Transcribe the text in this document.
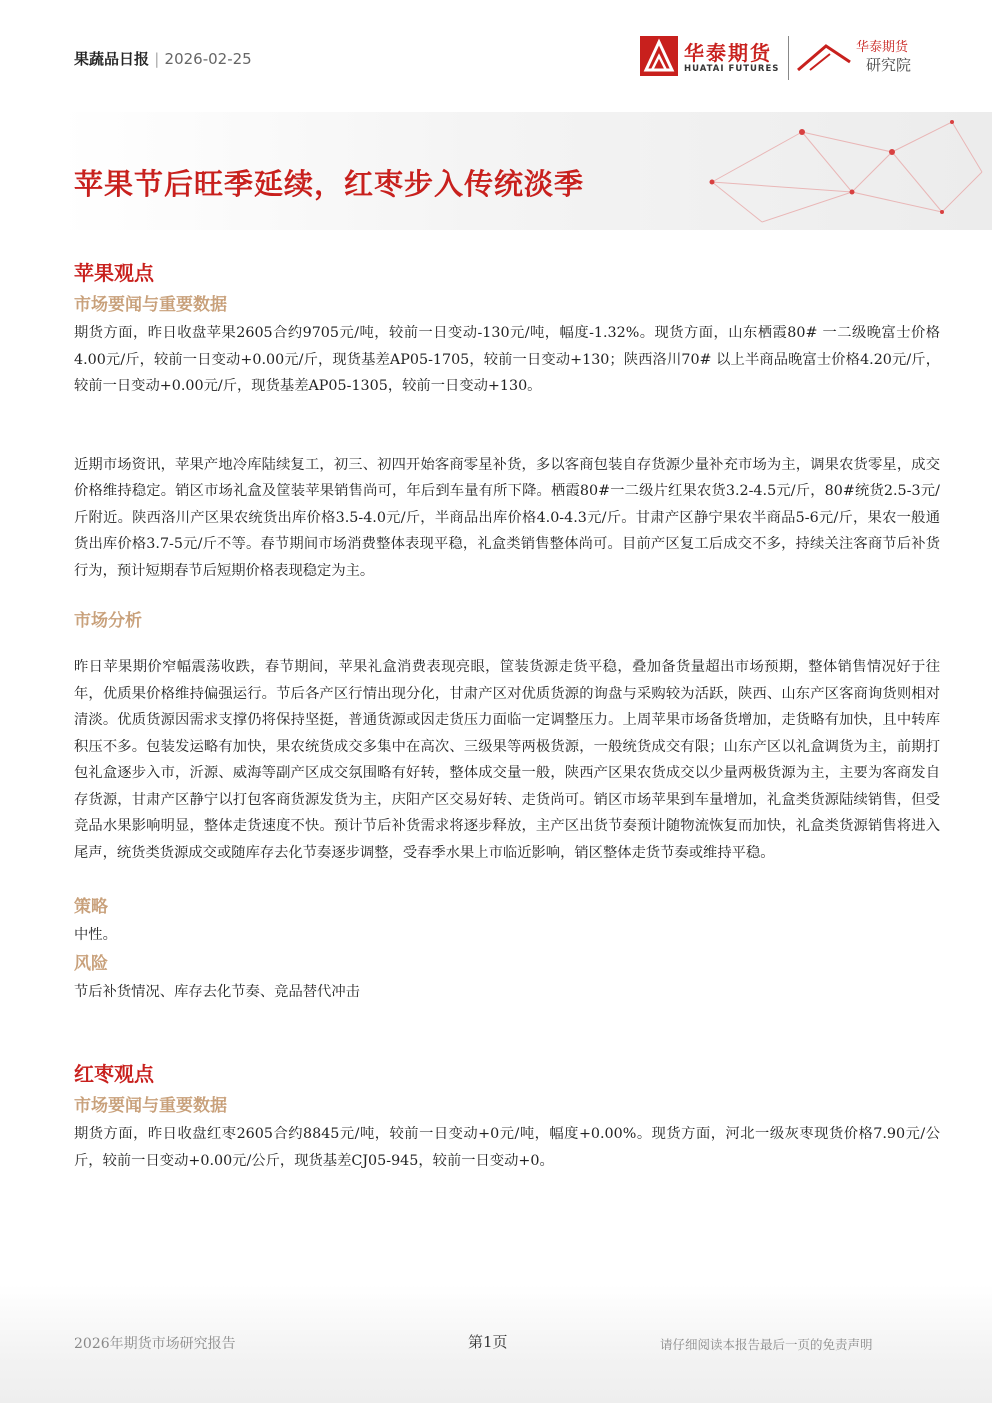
果蔬品日报 | 2026-02-25	华泰期货
HUATAI FUTURES
华泰期货
研究院
苹果节后旺季延续，红枣步入传统淡季
苹果观点
市场要闻与重要数据

期货方面，昨日收盘苹果2605合约9705元/吨，较前一日变动-130元/吨，幅度-1.32%。现货方面，山东栖霞80# 一二级晚富士价格4.00元/斤，较前一日变动+0.00元/斤，现货基差AP05-1705，较前一日变动+130；陕西洛川70# 以上半商品晚富士价格4.20元/斤，较前一日变动+0.00元/斤，现货基差AP05-1305，较前一日变动+130。

近期市场资讯，苹果产地冷库陆续复工，初三、初四开始客商零星补货，多以客商包装自存货源少量补充市场为主，调果农货零星，成交价格维持稳定。销区市场礼盒及筐装苹果销售尚可，年后到车量有所下降。栖霞80#一二级片红果农货3.2-4.5元/斤，80#统货2.5-3元/斤附近。陕西洛川产区果农统货出库价格3.5-4.0元/斤，半商品出库价格4.0-4.3元/斤。甘肃产区静宁果农半商品5-6元/斤，果农一般通货出库价格3.7-5元/斤不等。春节期间市场消费整体表现平稳，礼盒类销售整体尚可。目前产区复工后成交不多，持续关注客商节后补货行为，预计短期春节后短期价格表现稳定为主。

市场分析

昨日苹果期价窄幅震荡收跌，春节期间，苹果礼盒消费表现亮眼，筐装货源走货平稳，叠加备货量超出市场预期，整体销售情况好于往年，优质果价格维持偏强运行。节后各产区行情出现分化，甘肃产区对优质货源的询盘与采购较为活跃，陕西、山东产区客商询货则相对清淡。优质货源因需求支撑仍将保持坚挺，普通货源或因走货压力面临一定调整压力。上周苹果市场备货增加，走货略有加快，且中转库积压不多。包装发运略有加快，果农统货成交多集中在高次、三级果等两极货源，一般统货成交有限；山东产区以礼盒调货为主，前期打包礼盒逐步入市，沂源、威海等副产区成交氛围略有好转，整体成交量一般，陕西产区果农货成交以少量两极货源为主，主要为客商发自存货源，甘肃产区静宁以打包客商货源发货为主，庆阳产区交易好转、走货尚可。销区市场苹果到车量增加，礼盒类货源陆续销售，但受竞品水果影响明显，整体走货速度不快。预计节后补货需求将逐步释放，主产区出货节奏预计随物流恢复而加快，礼盒类货源销售将进入尾声，统货类货源成交或随库存去化节奏逐步调整，受春季水果上市临近影响，销区整体走货节奏或维持平稳。

策略

中性。

风险

节后补货情况、库存去化节奏、竞品替代冲击

红枣观点
市场要闻与重要数据

期货方面，昨日收盘红枣2605合约8845元/吨，较前一日变动+0元/吨，幅度+0.00%。现货方面，河北一级灰枣现货价格7.90元/公斤，较前一日变动+0.00元/公斤，现货基差CJ05-945，较前一日变动+0。

2026年期货市场研究报告	第1页	请仔细阅读本报告最后一页的免责声明
